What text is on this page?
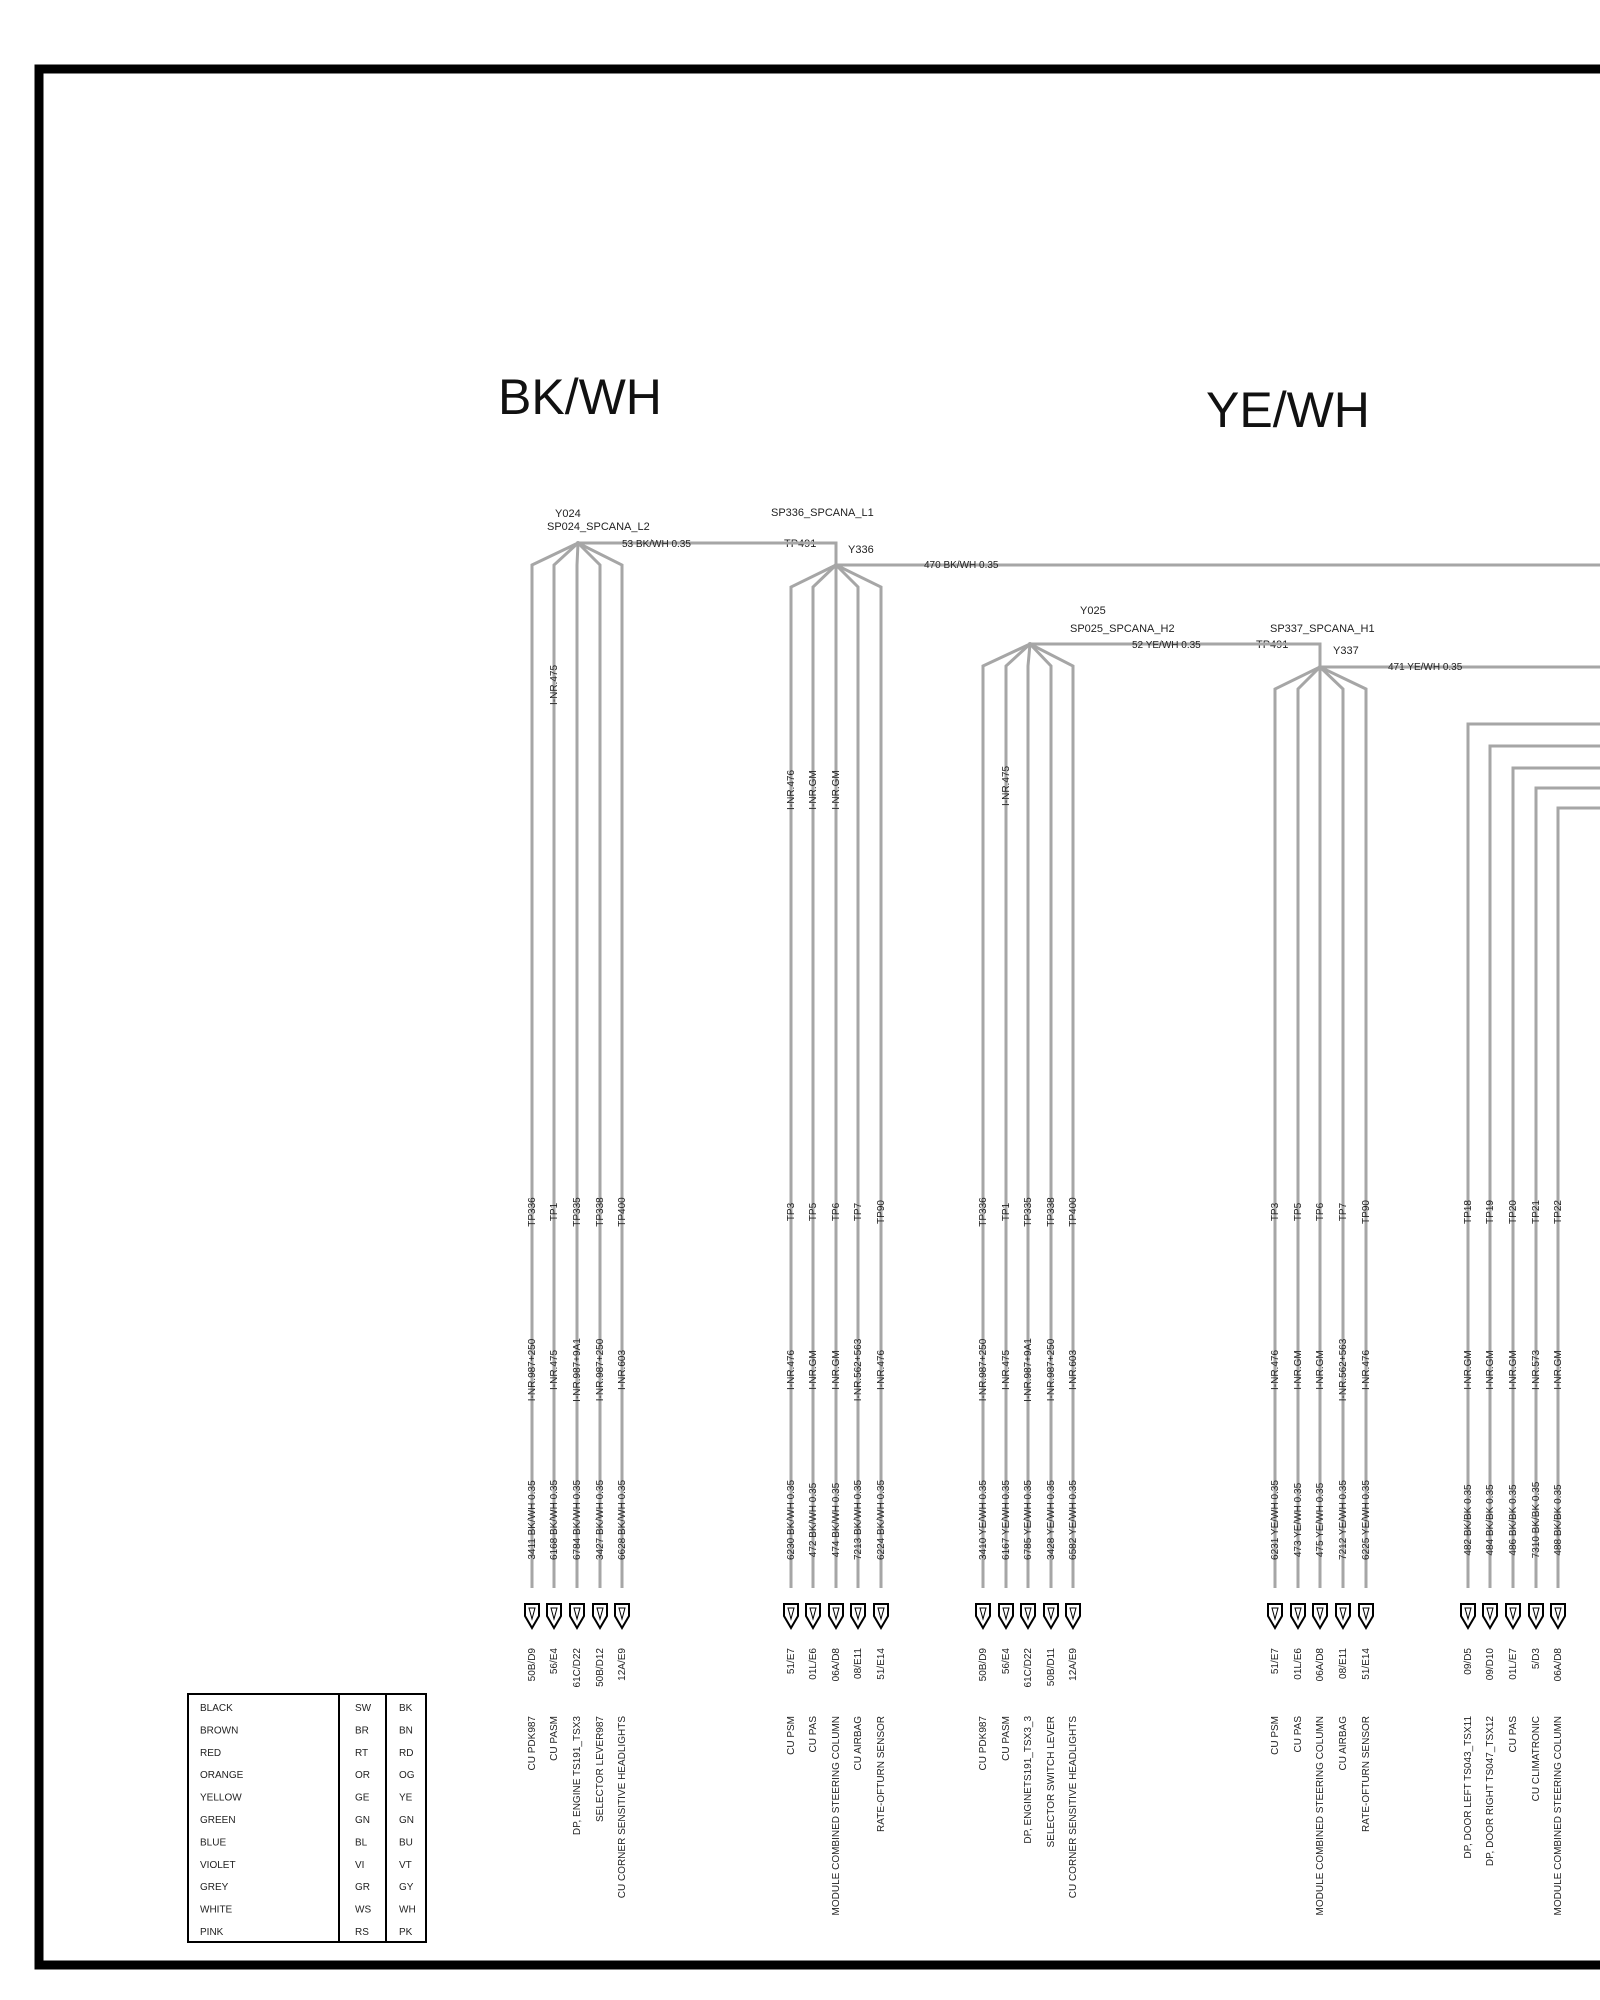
BK/WH	YE/WH
Y024
SP024_SPCANA_L2
SP336_SPCANA_L1
TP491	Y336
Y025
SP025_SPCANA_H2	SP337_SPCANA_H1
TP491	Y337
53 BK/WH 0.35
470 BK/WH 0.35
52 YE/WH 0.35
471 YE/WH 0.35
TP336
I-NR.987+250
3411 BK/WH 0.35
50B/D9
CU PDK987
I-NR.475
TP1
I-NR.475
6168 BK/WH 0.35
56/E4
CU PASM
TP335
I-NR.987+9A1
6784 BK/WH 0.35
61C/D22
DP, ENGINE TS191_TSX3
TP338
I-NR.987+250
3427 BK/WH 0.35
50B/D12
SELECTOR LEVER987
TP400
I-NR.603
6628 BK/WH 0.35
12A/E9
CU CORNER SENSITIVE HEADLIGHTS
I-NR.476
TP3
I-NR.476
6230 BK/WH 0.35
51/E7
CU PSM
I-NR.GM
TP5
I-NR.GM
472 BK/WH 0.35
01L/E6
CU PAS
I-NR.GM
TP6
I-NR.GM
474 BK/WH 0.35
06A/D8
MODULE COMBINED STEERING COLUMN
TP7
I-NR.562+563
7213 BK/WH 0.35
08/E11
CU AIRBAG
TP90
I-NR.476
6224 BK/WH 0.35
51/E14
RATE-OFTURN SENSOR
TP336
I-NR.987+250
3410 YE/WH 0.35
50B/D9
CU PDK987
I-NR.475
TP1
I-NR.475
6167 YE/WH 0.35
56/E4
CU PASM
TP335
I-NR.987+9A1
6785 YE/WH 0.35
61C/D22
DP, ENGINETS191_TSX3_3
TP338
I-NR.987+250
3428 YE/WH 0.35
50B/D11
SELECTOR SWITCH LEVER
TP400
I-NR.603
6582 YE/WH 0.35
12A/E9
CU CORNER SENSITIVE HEADLIGHTS
TP3
I-NR.476
6231 YE/WH 0.35
51/E7
CU PSM
TP5
I-NR.GM
473 YE/WH 0.35
01L/E6
CU PAS
TP6
I-NR.GM
475 YE/WH 0.35
06A/D8
MODULE COMBINED STEERING COLUMN
TP7
I-NR.562+563
7212 YE/WH 0.35
08/E11
CU AIRBAG
TP90
I-NR.476
6225 YE/WH 0.35
51/E14
RATE-OFTURN SENSOR
TP18
I-NR.GM
482 BK/BK 0.35
09/D5
DP, DOOR LEFT TS043_TSX11
TP19
I-NR.GM
484 BK/BK 0.35
09/D10
DP, DOOR RIGHT TS047_TSX12
TP20
I-NR.GM
486 BK/BK 0.35
01L/E7
CU PAS
TP21
I-NR.573
7310 BK/BK 0.35
5/D3
CU CLIMATRONIC
TP22
I-NR.GM
488 BK/BK 0.35
06A/D8
MODULE COMBINED STEERING COLUMN
BLACK	SW	BK
BROWN	BR	BN
RED	RT	RD
ORANGE	OR	OG
YELLOW	GE	YE
GREEN	GN	GN
BLUE	BL	BU
VIOLET	VI	VT
GREY	GR	GY
WHITE	WS	WH
PINK	RS	PK
